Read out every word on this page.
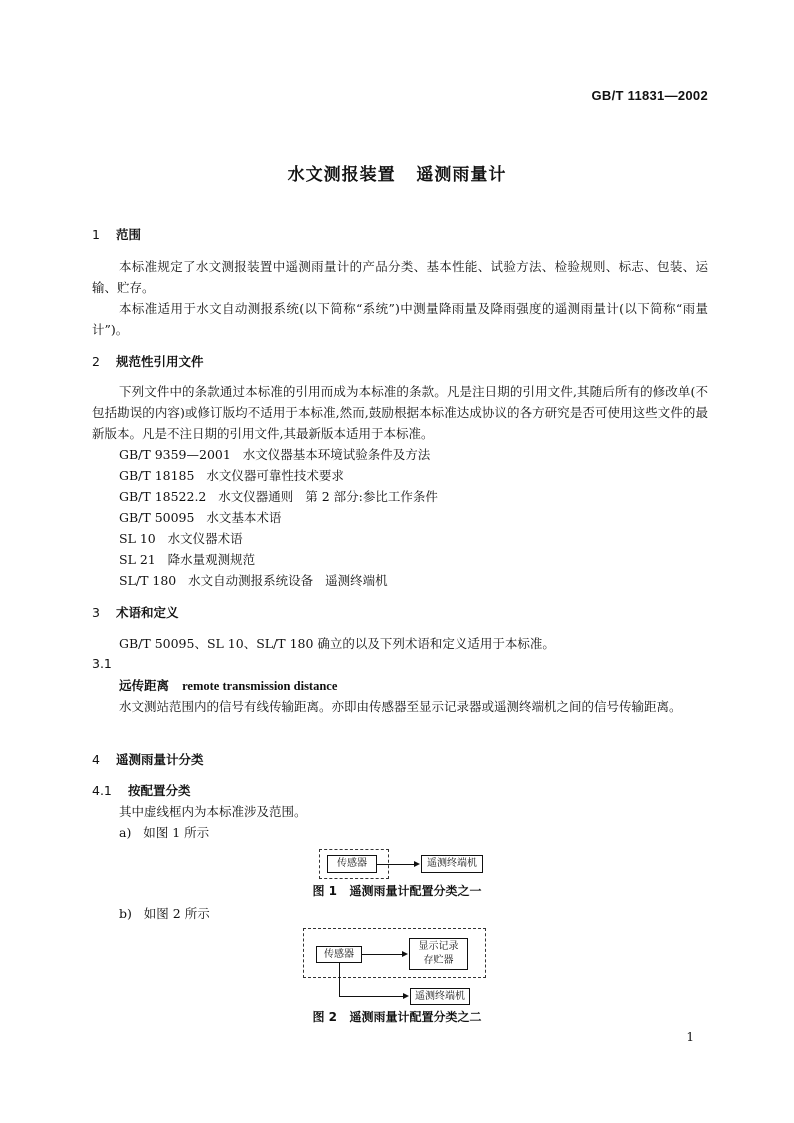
GB/T 11831—2002
水文测报装置   遥测雨量计
1 范围
本标准规定了水文测报装置中遥测雨量计的产品分类、基本性能、试验方法、检验规则、标志、包装、运输、贮存。
本标准适用于水文自动测报系统(以下简称“系统”)中测量降雨量及降雨强度的遥测雨量计(以下简称“雨量计”)。
2 规范性引用文件
下列文件中的条款通过本标准的引用而成为本标准的条款。凡是注日期的引用文件,其随后所有的修改单(不包括勘误的内容)或修订版均不适用于本标准,然而,鼓励根据本标准达成协议的各方研究是否可使用这些文件的最新版本。凡是不注日期的引用文件,其最新版本适用于本标准。
GB/T 9359—2001   水文仪器基本环境试验条件及方法
GB/T 18185   水文仪器可靠性技术要求
GB/T 18522.2   水文仪器通则   第 2 部分:参比工作条件
GB/T 50095   水文基本术语
SL 10   水文仪器术语
SL 21   降水量观测规范
SL/T 180   水文自动测报系统设备   遥测终端机
3 术语和定义
GB/T 50095、SL 10、SL/T 180 确立的以及下列术语和定义适用于本标准。
3.1
远传距离 remote transmission distance
水文测站范围内的信号有线传输距离。亦即由传感器至显示记录器或遥测终端机之间的信号传输距离。
4 遥测雨量计分类
4.1 按配置分类
其中虚线框内为本标准涉及范围。
a)   如图 1 所示
传感器	遥测终端机
图 1   遥测雨量计配置分类之一
b)   如图 2 所示
传感器
显示记录
存贮器
遥测终端机
图 2   遥测雨量计配置分类之二
1
